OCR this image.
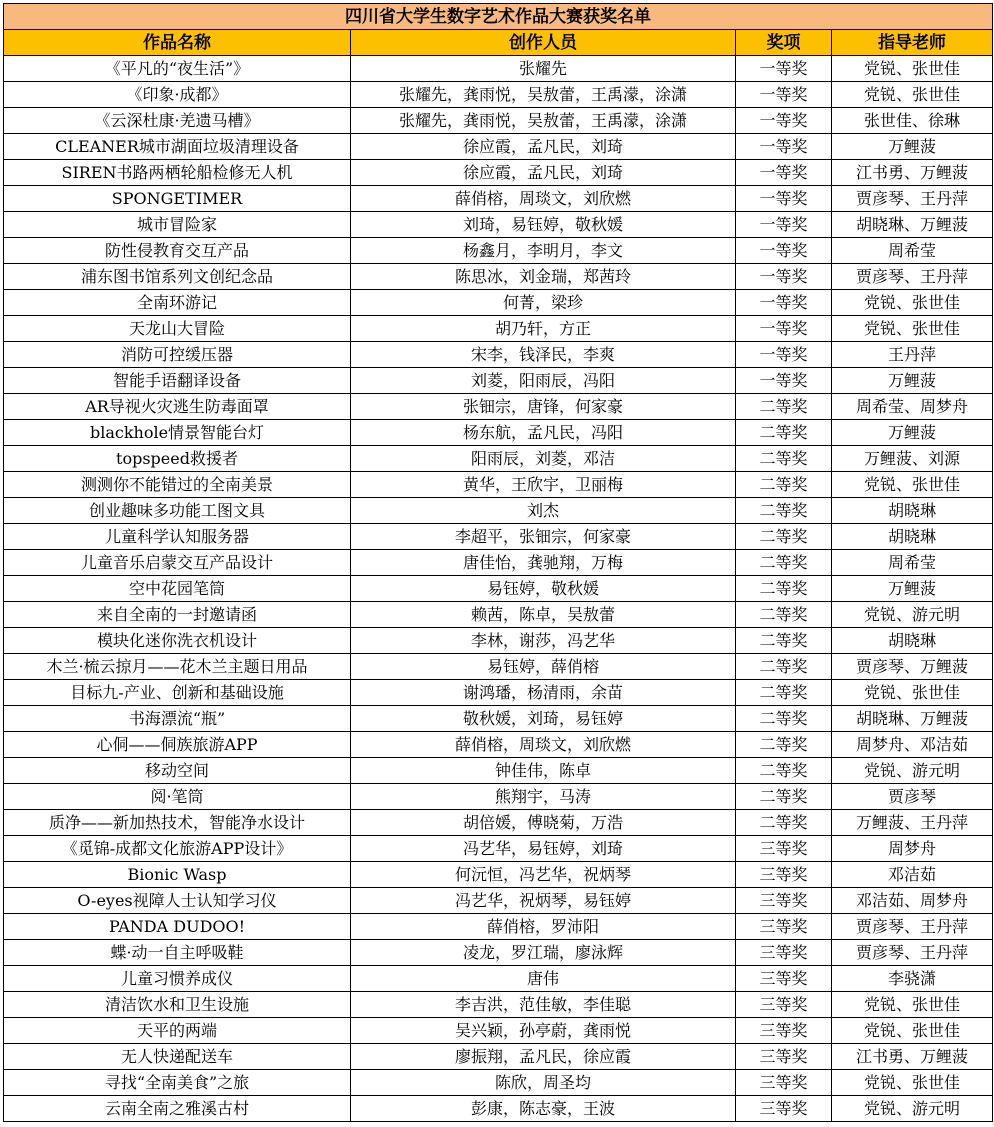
四川省大学生数字艺术作品大赛获奖名单			
作品名称	创作人员	奖项	指导老师
《平凡的“夜生活”》	张耀先	一等奖	党锐、张世佳
《印象·成都》	张耀先，龚雨悦，吴敖蕾，王禹濛，涂潇	一等奖	党锐、张世佳
《云深杜康·羌遗马槽》	张耀先，龚雨悦，吴敖蕾，王禹濛，涂潇	一等奖	张世佳、徐琳
CLEANER城市湖面垃圾清理设备	徐应霞，孟凡民，刘琦	一等奖	万鲤菠
SIREN书路两栖轮船检修无人机	徐应霞，孟凡民，刘琦	一等奖	江书勇、万鲤菠
SPONGETIMER	薛俏榕，周琰文，刘欣燃	一等奖	贾彦琴、王丹萍
城市冒险家	刘琦，易钰婷，敬秋媛	一等奖	胡晓琳、万鲤菠
防性侵教育交互产品	杨鑫月，李明月，李文	一等奖	周希莹
浦东图书馆系列文创纪念品	陈思冰，刘金瑞，郑茜玲	一等奖	贾彦琴、王丹萍
全南环游记	何菁，梁珍	一等奖	党锐、张世佳
天龙山大冒险	胡乃轩，方正	一等奖	党锐、张世佳
消防可控缓压器	宋李，钱泽民，李爽	一等奖	王丹萍
智能手语翻译设备	刘菱，阳雨辰，冯阳	一等奖	万鲤菠
AR导视火灾逃生防毒面罩	张钿宗，唐锋，何家豪	二等奖	周希莹、周梦舟
blackhole情景智能台灯	杨东航，孟凡民，冯阳	二等奖	万鲤菠
topspeed救援者	阳雨辰，刘菱，邓洁	二等奖	万鲤菠、刘源
测测你不能错过的全南美景	黄华，王欣宇，卫丽梅	二等奖	党锐、张世佳
创业趣味多功能工图文具	刘杰	二等奖	胡晓琳
儿童科学认知服务器	李超平，张钿宗，何家豪	二等奖	胡晓琳
儿童音乐启蒙交互产品设计	唐佳怡，龚驰翔，万梅	二等奖	周希莹
空中花园笔筒	易钰婷，敬秋媛	二等奖	万鲤菠
来自全南的一封邀请函	赖茜，陈卓，吴敖蕾	二等奖	党锐、游元明
模块化迷你洗衣机设计	李林，谢莎，冯艺华	二等奖	胡晓琳
木兰·梳云掠月——花木兰主题日用品	易钰婷，薛俏榕	二等奖	贾彦琴、万鲤菠
目标九-产业、创新和基础设施	谢鸿璠，杨清雨，余苗	二等奖	党锐、张世佳
书海漂流“瓶”	敬秋媛，刘琦，易钰婷	二等奖	胡晓琳、万鲤菠
心侗——侗族旅游APP	薛俏榕，周琰文，刘欣燃	二等奖	周梦舟、邓洁茹
移动空间	钟佳伟，陈卓	二等奖	党锐、游元明
阅·笔筒	熊翔宇，马涛	二等奖	贾彦琴
质净——新加热技术，智能净水设计	胡倍媛，傅晓菊，万浩	二等奖	万鲤菠、王丹萍
《觅锦-成都文化旅游APP设计》	冯艺华，易钰婷，刘琦	三等奖	周梦舟
Bionic Wasp	何沅恒，冯艺华，祝炳琴	三等奖	邓洁茹
O-eyes视障人士认知学习仪	冯艺华，祝炳琴，易钰婷	三等奖	邓洁茹、周梦舟
PANDA DUDOO!	薛俏榕，罗沛阳	三等奖	贾彦琴、王丹萍
蝶·动一自主呼吸鞋	凌龙，罗江瑞，廖泳辉	三等奖	贾彦琴、王丹萍
儿童习惯养成仪	唐伟	三等奖	李骁潇
清洁饮水和卫生设施	李吉洪，范佳敏，李佳聪	三等奖	党锐、张世佳
天平的两端	吴兴颖，孙亭蔚，龚雨悦	三等奖	党锐、张世佳
无人快递配送车	廖振翔，孟凡民，徐应霞	三等奖	江书勇、万鲤菠
寻找“全南美食”之旅	陈欣，周圣均	三等奖	党锐、张世佳
云南全南之雅溪古村	彭康，陈志豪，王波	三等奖	党锐、游元明
